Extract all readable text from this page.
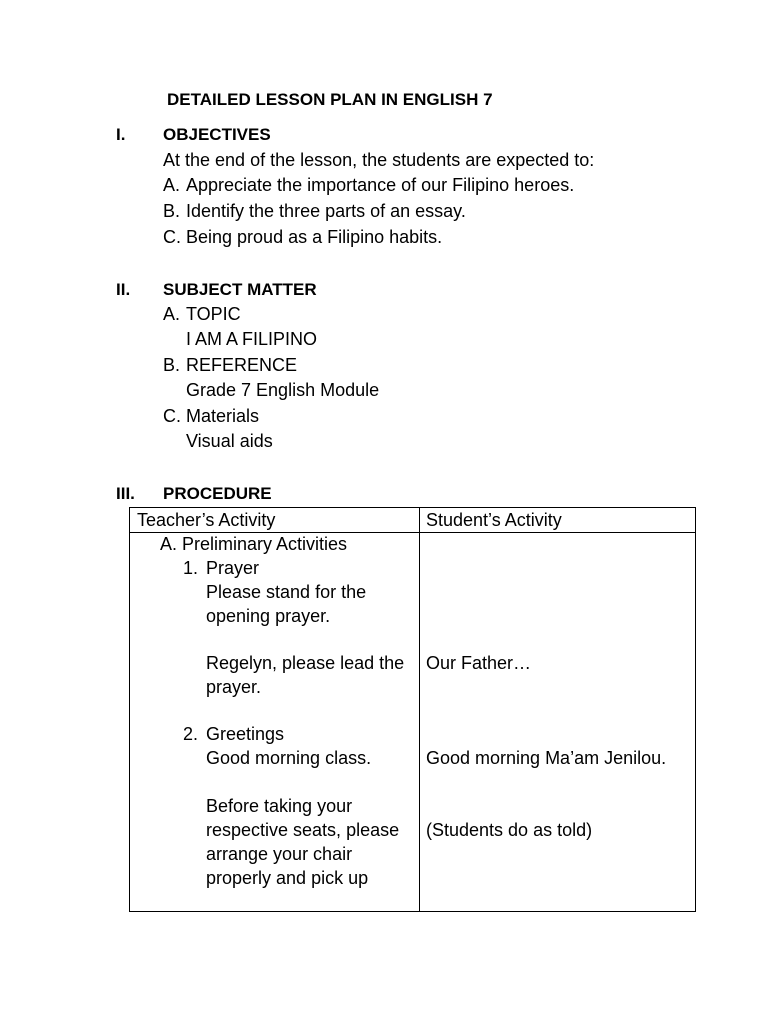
DETAILED LESSON PLAN IN ENGLISH 7
I. OBJECTIVES
At the end of the lesson, the students are expected to:
A. Appreciate the importance of our Filipino heroes.
B. Identify the three parts of an essay.
C. Being proud as a Filipino habits.
II. SUBJECT MATTER
A. TOPIC
I AM A FILIPINO
B. REFERENCE
Grade 7 English Module
C. Materials
Visual aids
III. PROCEDURE
Teacher’s Activity	Student’s Activity
A. Preliminary Activities
1. Prayer
Please stand for the
opening prayer.
Regelyn, please lead the
prayer.
Our Father…
2. Greetings
Good morning class.	Good morning Ma’am Jenilou.
Before taking your
respective seats, please
arrange your chair
properly and pick up
(Students do as told)
